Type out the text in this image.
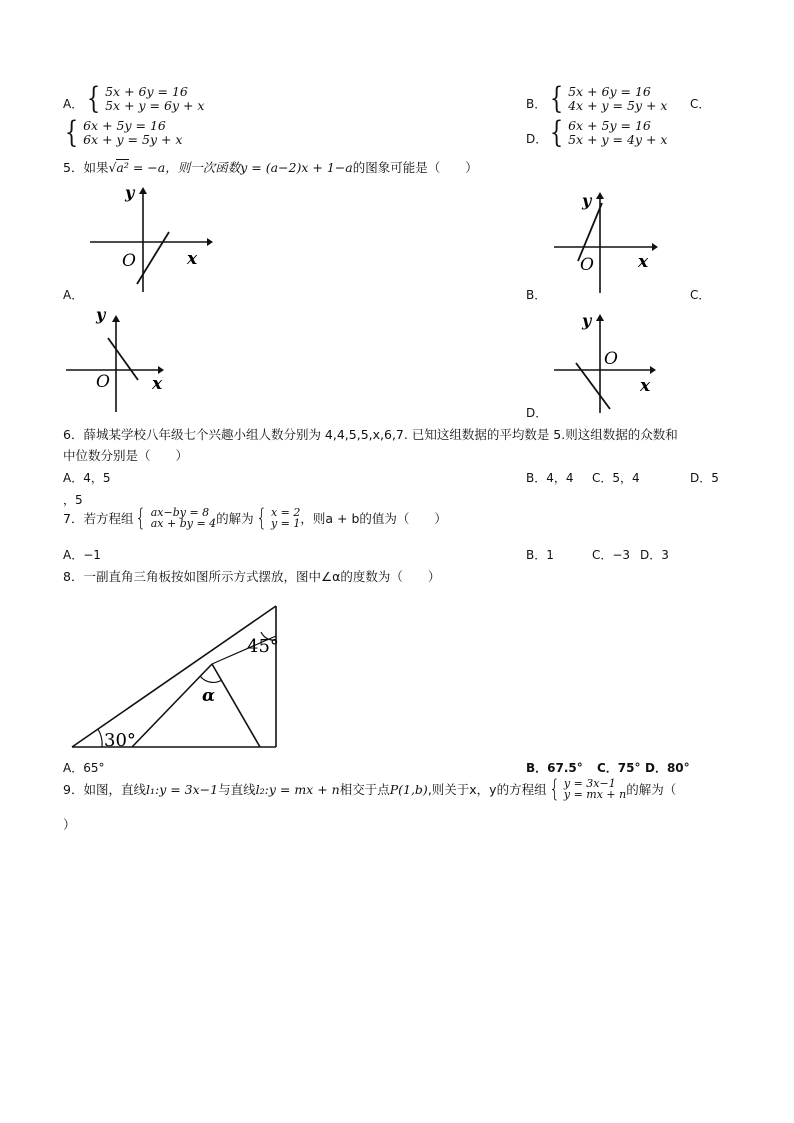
A． { 5x + 6y = 16
5x + y = 6y + x	B． { 5x + 6y = 16
4x + y = 5y + x C．
{ 6x + 5y = 16
6x + y = 5y + x	D． { 6x + 5y = 16
5x + y = 4y + x
5．如果√a² = −a，则一次函数y = (a−2)x + 1−a的图象可能是（　　）
y
x
O
A．
y
x
O
B．	C．
y
x
O
y
x
O
D．
6．薛城某学校八年级七个兴趣小组人数分别为 4,4,5,5,x,6,7. 已知这组数据的平均数是 5.则这组数据的众数和
中位数分别是（　　）
A．4，5	B．4，4 C．5，4	D．5
，5
7．若方程组 { ax−by = 8
ax + by = 4 的解为 { x = 2
y = 1 ，则a + b的值为（　　）
A．−1	B．1	C．−3 D．3
8．一副直角三角板按如图所示方式摆放，图中∠α的度数为（　　）
45°
α
30°
A．65°	B．67.5° C．75° D．80°
9．如图，直线 l₁:y = 3x−1 与直线 l₂:y = mx + n 相交于点 P(1,b) ,则关于x，y的方程组 { y = 3x−1
y = mx + n 的解为（
）
